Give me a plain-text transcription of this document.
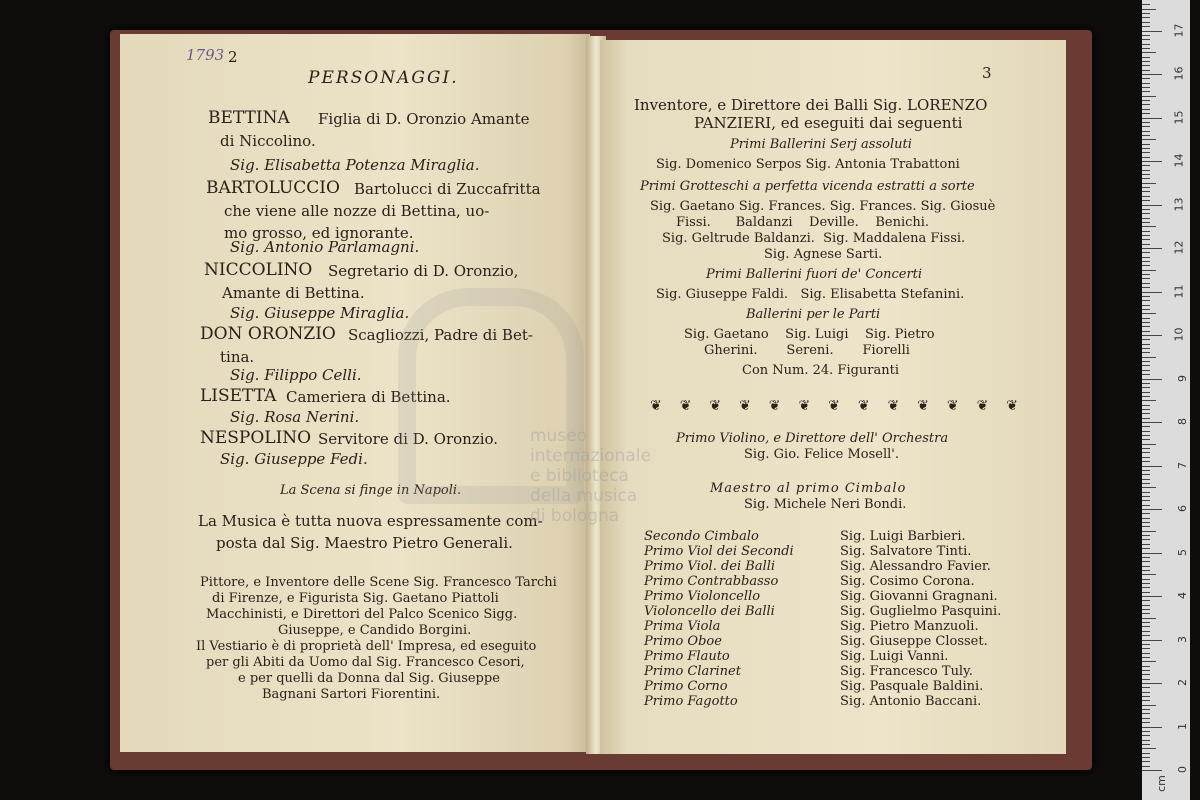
1793 2
PERSONAGGI.
BETTINA Figlia di D. Oronzio Amante
di Niccolino.
Sig. Elisabetta Potenza Miraglia.
BARTOLUCCIO Bartolucci di Zuccafritta
che viene alle nozze di Bettina, uo-
mo grosso, ed ignorante.
Sig. Antonio Parlamagni.
NICCOLINO Segretario di D. Oronzio,
Amante di Bettina.
Sig. Giuseppe Miraglia.
DON ORONZIO Scagliozzi, Padre di Bet-
tina.
Sig. Filippo Celli.
LISETTA Cameriera di Bettina.
Sig. Rosa Nerini.
NESPOLINO Servitore di D. Oronzio.
Sig. Giuseppe Fedi.
La Scena si finge in Napoli.
La Musica è tutta nuova espressamente com-
posta dal Sig. Maestro Pietro Generali.
Pittore, e Inventore delle Scene Sig. Francesco Tarchi
di Firenze, e Figurista Sig. Gaetano Piattoli
Macchinisti, e Direttori del Palco Scenico Sigg.
Giuseppe, e Candido Borgini.
Il Vestiario è di proprietà dell' Impresa, ed eseguito
per gli Abiti da Uomo dal Sig. Francesco Cesori,
e per quelli da Donna dal Sig. Giuseppe
Bagnani Sartori Fiorentini.
3
Inventore, e Direttore dei Balli Sig. LORENZO
PANZIERI, ed eseguiti dai seguenti
Primi Ballerini Serj assoluti
Sig. Domenico Serpos Sig. Antonia Trabattoni
Primi Grotteschi a perfetta vicenda estratti a sorte
Sig. Gaetano Sig. Frances. Sig. Frances. Sig. Giosuè
Fissi.      Baldanzi    Deville.    Benichi.
Sig. Geltrude Baldanzi.  Sig. Maddalena Fissi.
Sig. Agnese Sarti.
Primi Ballerini fuori de' Concerti
Sig. Giuseppe Faldi.   Sig. Elisabetta Stefanini.
Ballerini per le Parti
Sig. Gaetano    Sig. Luigi    Sig. Pietro
Gherini.       Sereni.       Fiorelli
Con Num. 24. Figuranti
Primo Violino, e Direttore dell' Orchestra
Sig. Gio. Felice Mosell'.
Maestro al primo Cimbalo
Sig. Michele Neri Bondi.
Secondo Cimbalo	Sig. Luigi Barbieri.
Primo Viol dei Secondi	Sig. Salvatore Tinti.
Primo Viol. dei Balli	Sig. Alessandro Favier.
Primo Contrabbasso	Sig. Cosimo Corona.
Primo Violoncello	Sig. Giovanni Gragnani.
Violoncello dei Balli	Sig. Guglielmo Pasquini.
Prima Viola	Sig. Pietro Manzuoli.
Primo Oboe	Sig. Giuseppe Closset.
Primo Flauto	Sig. Luigi Vanni.
Primo Clarinet	Sig. Francesco Tuly.
Primo Corno	Sig. Pasquale Baldini.
Primo Fagotto	Sig. Antonio Baccani.
❦ ❦ ❦ ❦ ❦ ❦ ❦ ❦ ❦ ❦ ❦ ❦ ❦
museo internazionale
e biblioteca della musica
di bologna
cm
0
1
2
3
4
5
6
7
8
9
10
11
12
13
14
15
16
17
